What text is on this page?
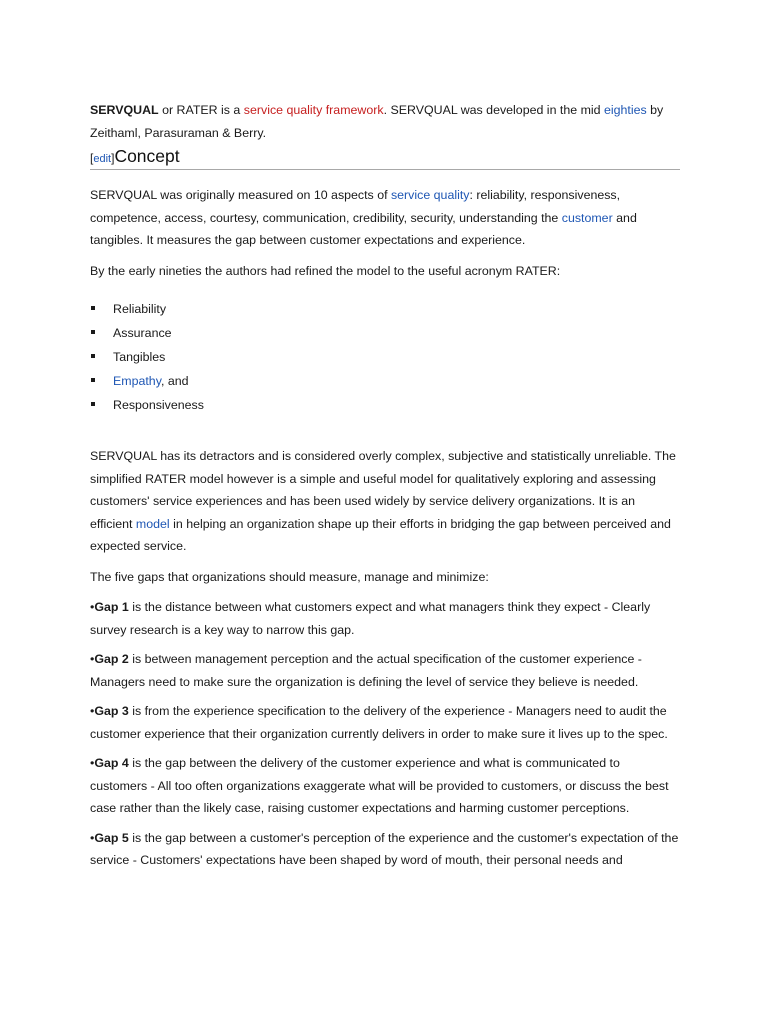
SERVQUAL or RATER is a service quality framework. SERVQUAL was developed in the mid eighties by Zeithaml, Parasuraman & Berry.

[ edit ] Concept

SERVQUAL was originally measured on 10 aspects of service quality: reliability, responsiveness, competence, access, courtesy, communication, credibility, security, understanding the customer and tangibles. It measures the gap between customer expectations and experience.

By the early nineties the authors had refined the model to the useful acronym RATER:

Reliability
Assurance
Tangibles
Empathy, and
Responsiveness

SERVQUAL has its detractors and is considered overly complex, subjective and statistically unreliable. The simplified RATER model however is a simple and useful model for qualitatively exploring and assessing customers' service experiences and has been used widely by service delivery organizations. It is an efficient model in helping an organization shape up their efforts in bridging the gap between perceived and expected service.

The five gaps that organizations should measure, manage and minimize:

•Gap 1 is the distance between what customers expect and what managers think they expect - Clearly survey research is a key way to narrow this gap.

•Gap 2 is between management perception and the actual specification of the customer experience - Managers need to make sure the organization is defining the level of service they believe is needed.

•Gap 3 is from the experience specification to the delivery of the experience - Managers need to audit the customer experience that their organization currently delivers in order to make sure it lives up to the spec.

•Gap 4 is the gap between the delivery of the customer experience and what is communicated to customers - All too often organizations exaggerate what will be provided to customers, or discuss the best case rather than the likely case, raising customer expectations and harming customer perceptions.

•Gap 5 is the gap between a customer's perception of the experience and the customer's expectation of the service - Customers' expectations have been shaped by word of mouth, their personal needs and
